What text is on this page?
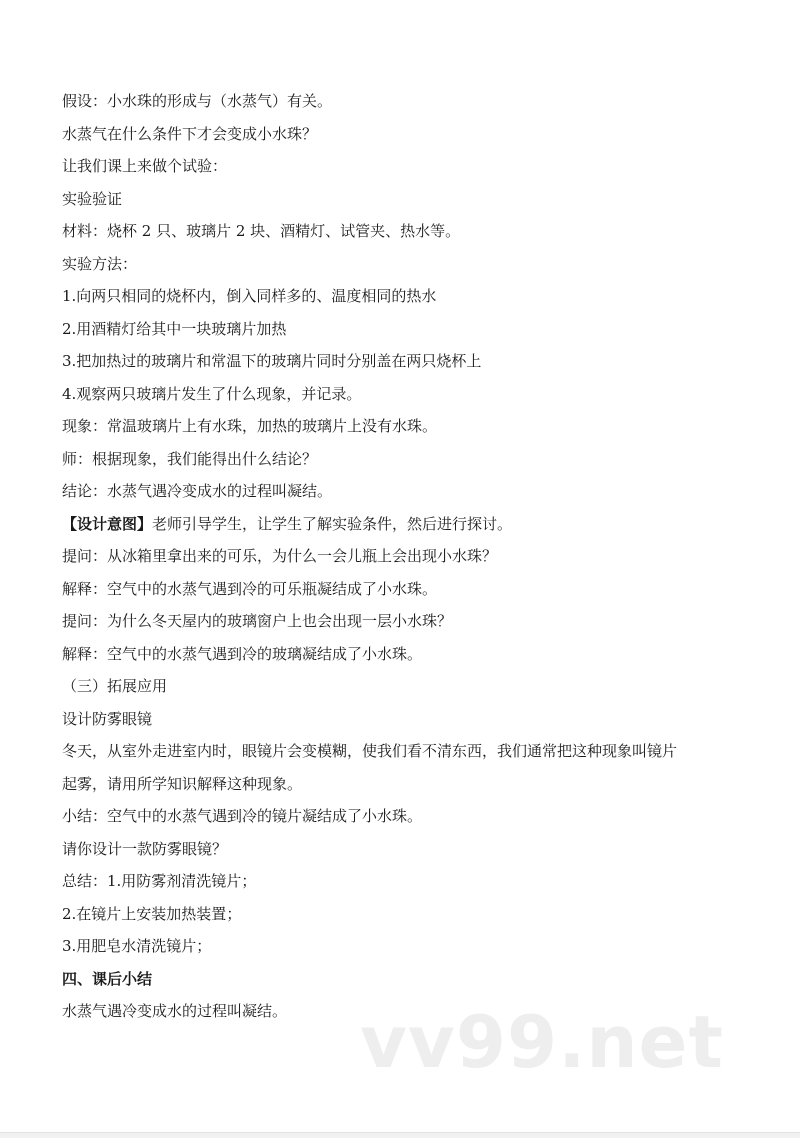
假设：小水珠的形成与（水蒸气）有关。
水蒸气在什么条件下才会变成小水珠？
让我们课上来做个试验：
实验验证
材料：烧杯 2 只、玻璃片 2 块、酒精灯、试管夹、热水等。
实验方法：
1.向两只相同的烧杯内，倒入同样多的、温度相同的热水
2.用酒精灯给其中一块玻璃片加热
3.把加热过的玻璃片和常温下的玻璃片同时分别盖在两只烧杯上
4.观察两只玻璃片发生了什么现象，并记录。
现象：常温玻璃片上有水珠，加热的玻璃片上没有水珠。
师：根据现象，我们能得出什么结论？
结论：水蒸气遇冷变成水的过程叫凝结。
【设计意图】老师引导学生，让学生了解实验条件，然后进行探讨。
提问：从冰箱里拿出来的可乐，为什么一会儿瓶上会出现小水珠？
解释：空气中的水蒸气遇到冷的可乐瓶凝结成了小水珠。
提问：为什么冬天屋内的玻璃窗户上也会出现一层小水珠？
解释：空气中的水蒸气遇到冷的玻璃凝结成了小水珠。
（三）拓展应用
设计防雾眼镜
冬天，从室外走进室内时，眼镜片会变模糊，使我们看不清东西，我们通常把这种现象叫镜片
起雾，请用所学知识解释这种现象。
小结：空气中的水蒸气遇到冷的镜片凝结成了小水珠。
请你设计一款防雾眼镜？
总结：1.用防雾剂清洗镜片；
2.在镜片上安装加热装置；
3.用肥皂水清洗镜片；
四、课后小结
水蒸气遇冷变成水的过程叫凝结。	vv99.net
